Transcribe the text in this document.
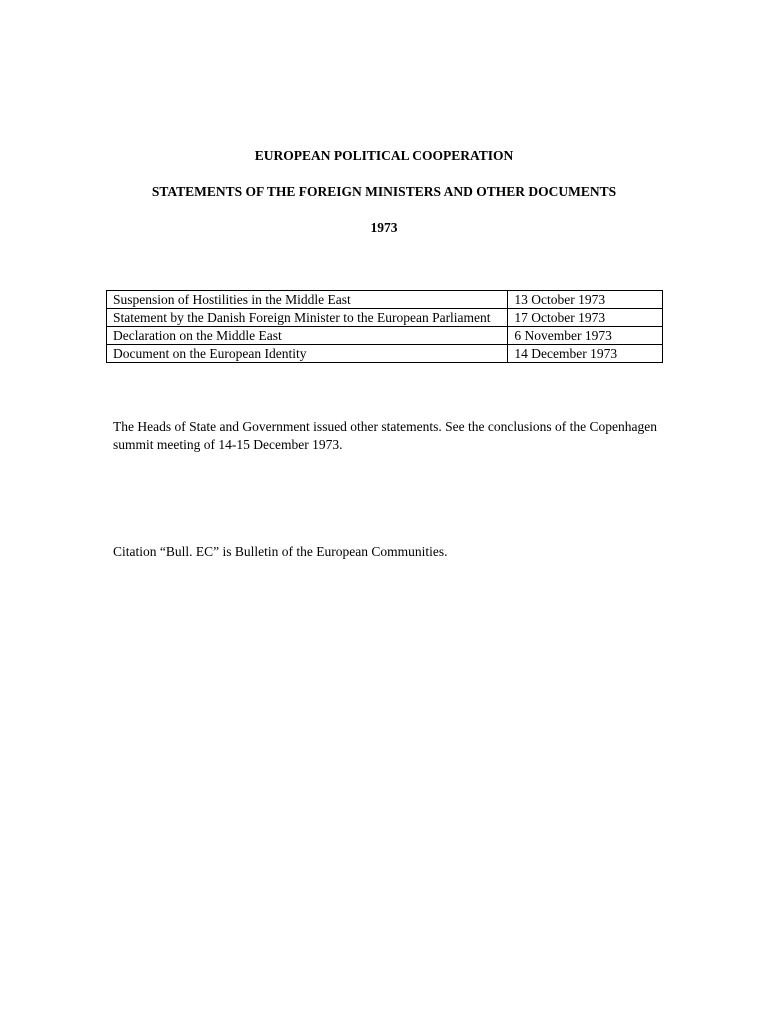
EUROPEAN POLITICAL COOPERATION
STATEMENTS OF THE FOREIGN MINISTERS AND OTHER DOCUMENTS
1973
Suspension of Hostilities in the Middle East	13 October 1973
Statement by the Danish Foreign Minister to the European Parliament	17 October 1973
Declaration on the Middle East	6 November 1973
Document on the European Identity	14 December 1973
The Heads of State and Government issued other statements. See the conclusions of the Copenhagen summit meeting of 14-15 December 1973.
Citation “Bull. EC” is Bulletin of the European Communities.
